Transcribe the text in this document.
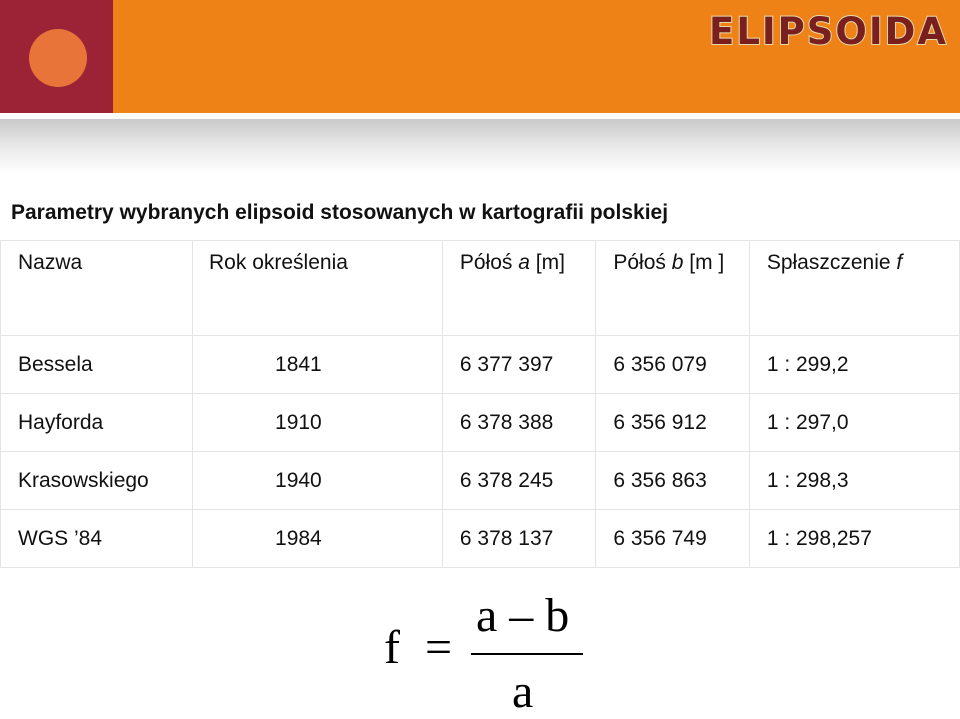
ELIPSOIDA
Parametry wybranych elipsoid stosowanych w kartografii polskiej
Nazwa	Rok określenia	Półoś a [m]	Półoś b [m ]	Spłaszczenie f
Bessela	1841	6 377 397	6 356 079	1 : 299,2
Hayforda	1910	6 378 388	6 356 912	1 : 297,0
Krasowskiego	1940	6 378 245	6 356 863	1 : 298,3
WGS ’84	1984	6 378 137	6 356 749	1 : 298,257
f =
a – b
a
